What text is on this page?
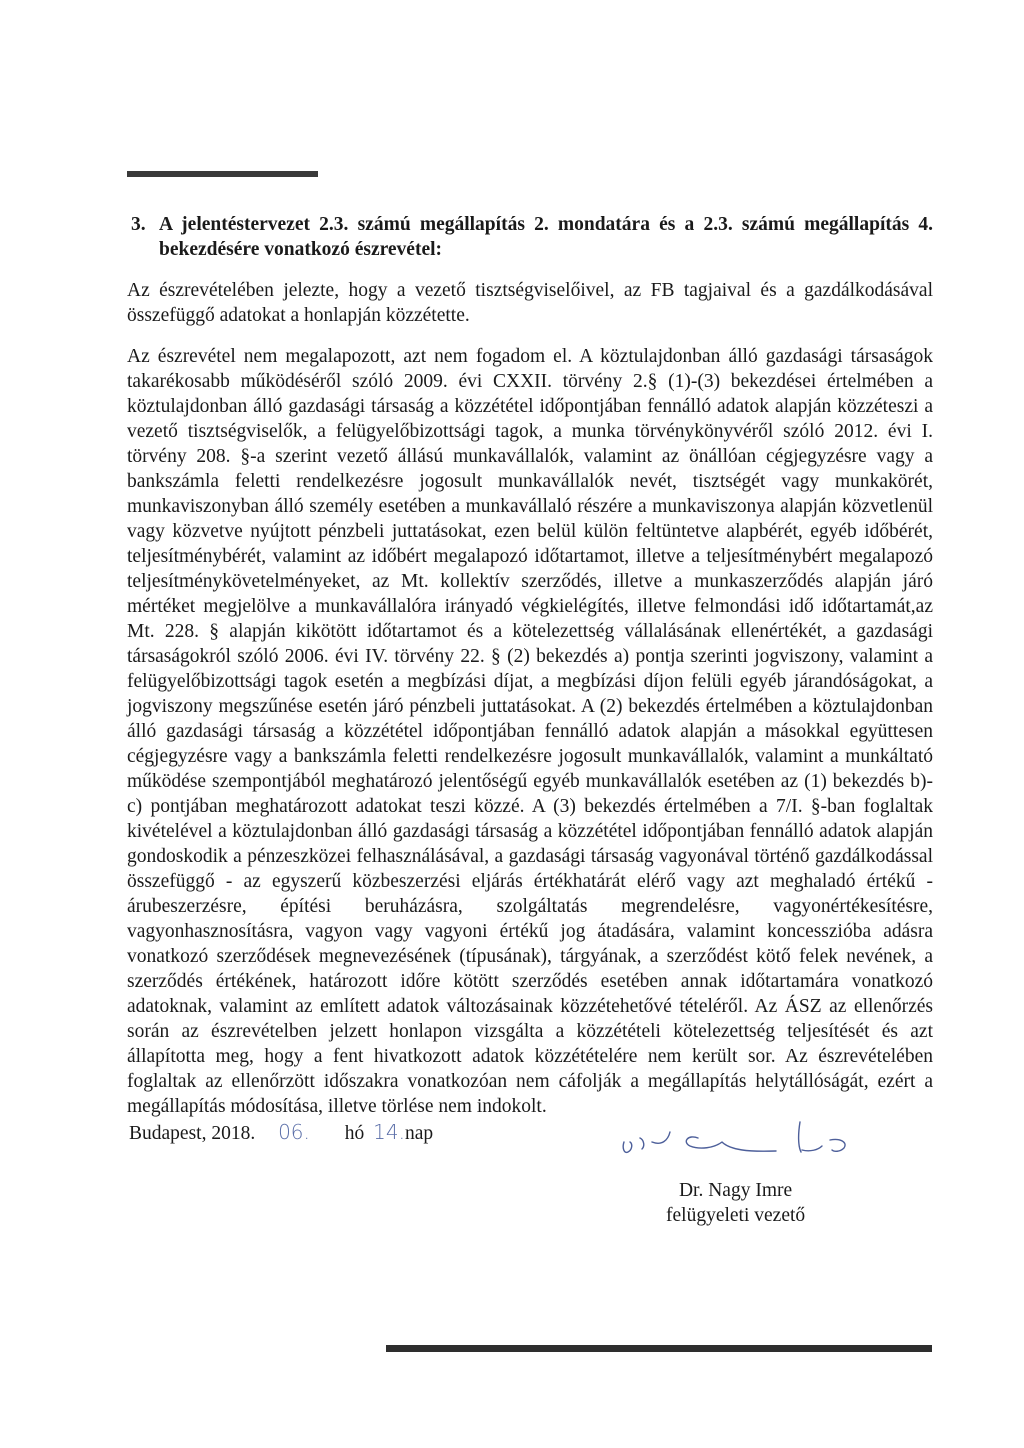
3. A jelentéstervezet 2.3. számú megállapítás 2. mondatára és a 2.3. számú megállapítás 4. bekezdésére vonatkozó észrevétel:

Az észrevételében jelezte, hogy a vezető tisztségviselőivel, az FB tagjaival és a gazdálkodásával összefüggő adatokat a honlapján közzétette.

Az észrevétel nem megalapozott, azt nem fogadom el. A köztulajdonban álló gazdasági társaságok takarékosabb működéséről szóló 2009. évi CXXII. törvény 2.§ (1)-(3) bekezdései értelmében a köztulajdonban álló gazdasági társaság a közzététel időpontjában fennálló adatok alapján közzéteszi a vezető tisztségviselők, a felügyelőbizottsági tagok, a munka törvénykönyvéről szóló 2012. évi I. törvény 208. §-a szerint vezető állású munkavállalók, valamint az önállóan cégjegyzésre vagy a bankszámla feletti rendelkezésre jogosult munkavállalók nevét, tisztségét vagy munkakörét, munkaviszonyban álló személy esetében a munkavállaló részére a munkaviszonya alapján közvetlenül vagy közvetve nyújtott pénzbeli juttatásokat, ezen belül külön feltüntetve alapbérét, egyéb időbérét, teljesítménybérét, valamint az időbért megalapozó időtartamot, illetve a teljesítménybért megalapozó teljesítménykövetelményeket, az Mt. kollektív szerződés, illetve a munkaszerződés alapján járó mértéket megjelölve a munkavállalóra irányadó végkielégítés, illetve felmondási idő időtartamát,az Mt. 228. § alapján kikötött időtartamot és a kötelezettség vállalásának ellenértékét, a gazdasági társaságokról szóló 2006. évi IV. törvény 22. § (2) bekezdés a) pontja szerinti jogviszony, valamint a felügyelőbizottsági tagok esetén a megbízási díjat, a megbízási díjon felüli egyéb járandóságokat, a jogviszony megszűnése esetén járó pénzbeli juttatásokat. A (2) bekezdés értelmében a köztulajdonban álló gazdasági társaság a közzététel időpontjában fennálló adatok alapján a másokkal együttesen cégjegyzésre vagy a bankszámla feletti rendelkezésre jogosult munkavállalók, valamint a munkáltató működése szempontjából meghatározó jelentőségű egyéb munkavállalók esetében az (1) bekezdés b)-c) pontjában meghatározott adatokat teszi közzé. A (3) bekezdés értelmében a 7/I. §-ban foglaltak kivételével a köztulajdonban álló gazdasági társaság a közzététel időpontjában fennálló adatok alapján gondoskodik a pénzeszközei felhasználásával, a gazdasági társaság vagyonával történő gazdálkodással összefüggő - az egyszerű közbeszerzési eljárás értékhatárát elérő vagy azt meghaladó értékű - árubeszerzésre, építési beruházásra, szolgáltatás megrendelésre, vagyonértékesítésre, vagyonhasznosításra, vagyon vagy vagyoni értékű jog átadására, valamint koncesszióba adásra vonatkozó szerződések megnevezésének (típusának), tárgyának, a szerződést kötő felek nevének, a szerződés értékének, határozott időre kötött szerződés esetében annak időtartamára vonatkozó adatoknak, valamint az említett adatok változásainak közzétehetővé tételéről. Az ÁSZ az ellenőrzés során az észrevételben jelzett honlapon vizsgálta a közzétételi kötelezettség teljesítését és azt állapította meg, hogy a fent hivatkozott adatok közzétételére nem került sor. Az észrevételében foglaltak az ellenőrzött időszakra vonatkozóan nem cáfolják a megállapítás helytállóságát, ezért a megállapítás módosítása, illetve törlése nem indokolt.

Budapest, 2018. 06. hó 14.nap
Dr. Nagy Imre
felügyeleti vezető
